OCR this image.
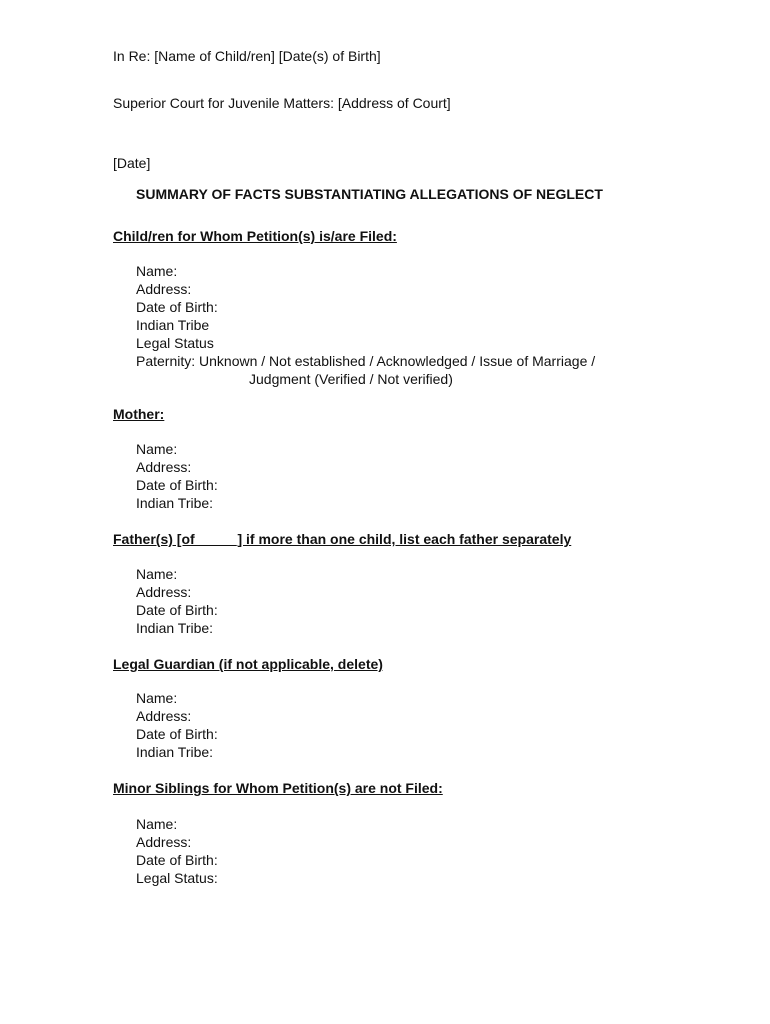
In Re: [Name of Child/ren] [Date(s) of Birth]
Superior Court for Juvenile Matters: [Address of Court]
[Date]
SUMMARY OF FACTS SUBSTANTIATING ALLEGATIONS OF NEGLECT
Child/ren for Whom Petition(s) is/are Filed:
Name:
Address:
Date of Birth:
Indian Tribe
Legal Status
Paternity: Unknown / Not established / Acknowledged / Issue of Marriage /
Judgment (Verified / Not verified)
Mother:
Name:
Address:
Date of Birth:
Indian Tribe:
Father(s) [of _____] if more than one child, list each father separately
Name:
Address:
Date of Birth:
Indian Tribe:
Legal Guardian (if not applicable, delete)
Name:
Address:
Date of Birth:
Indian Tribe:
Minor Siblings for Whom Petition(s) are not Filed:
Name:
Address:
Date of Birth:
Legal Status:
